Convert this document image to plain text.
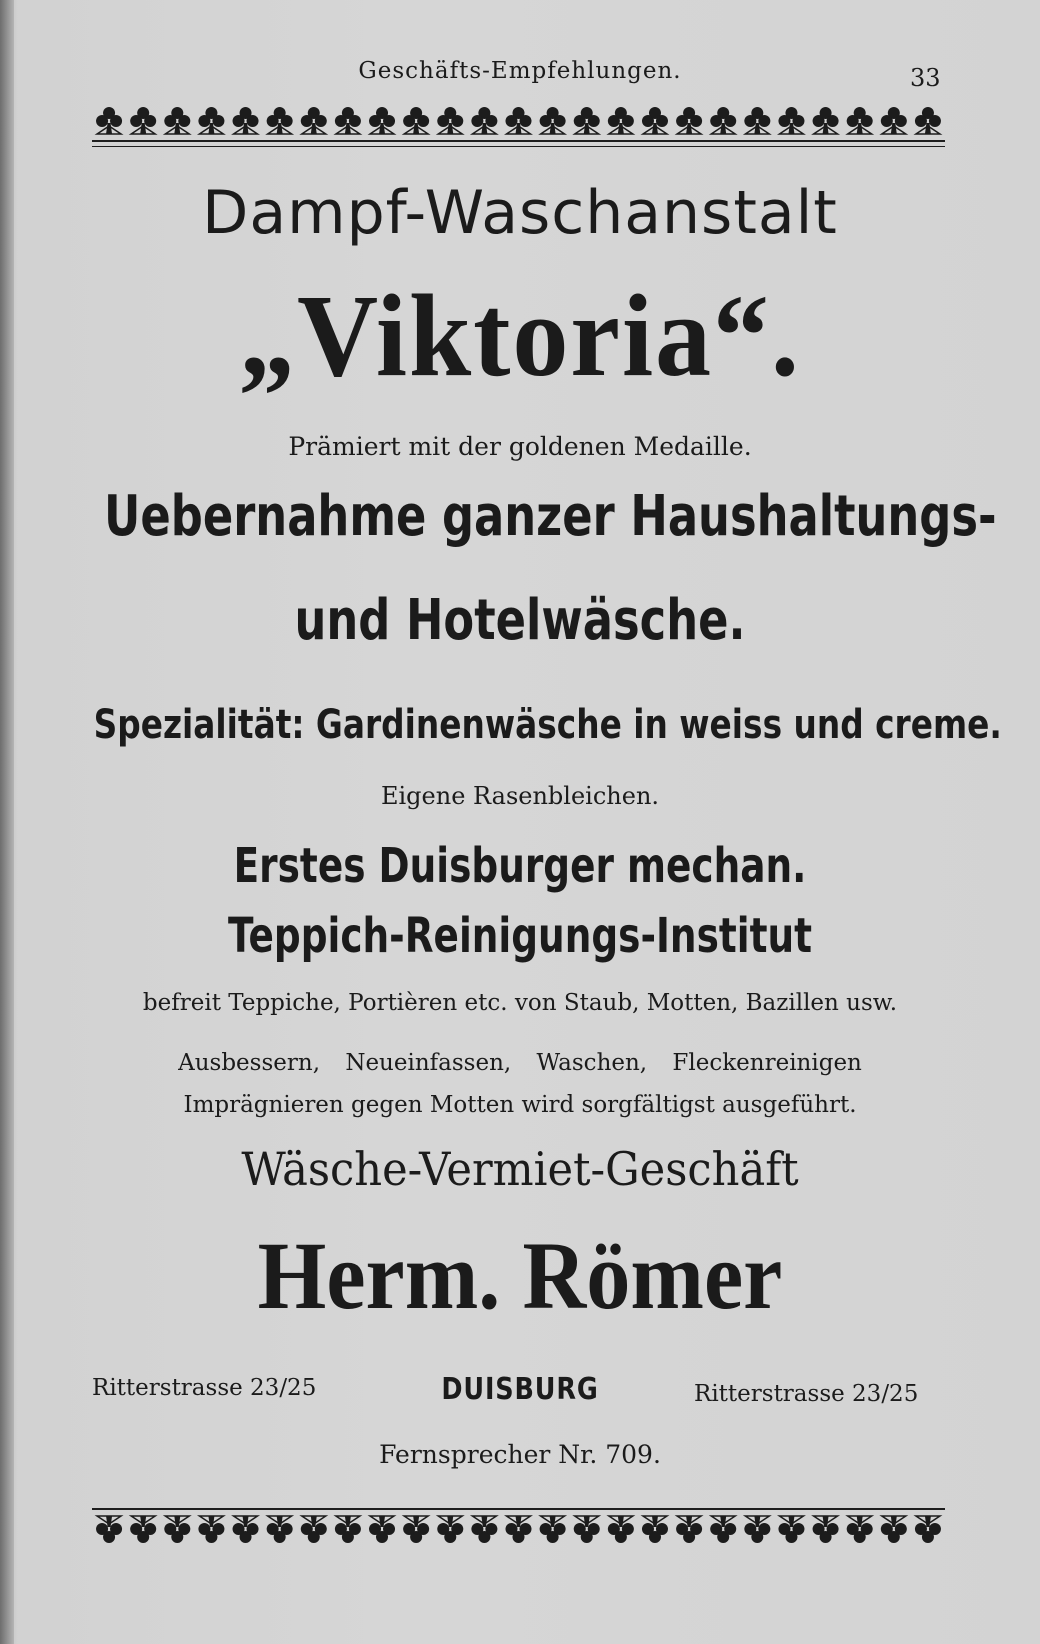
Geschäfts-Empfehlungen.	33
Dampf-Waschanstalt
„Viktoria“.
Prämiert mit der goldenen Medaille.
Uebernahme ganzer Haushaltungs-
und Hotelwäsche.
Spezialität: Gardinenwäsche in weiss und creme.
Eigene Rasenbleichen.
Erstes Duisburger mechan.
Teppich-Reinigungs-Institut
befreit Teppiche, Portièren etc. von Staub, Motten, Bazillen usw.
Ausbessern, Neueinfassen, Waschen, Fleckenreinigen
Imprägnieren gegen Motten wird sorgfältigst ausgeführt.
Wäsche-Vermiet-Geschäft
Herm. Römer
Ritterstrasse 23/25	DUISBURG	Ritterstrasse 23/25
Fernsprecher Nr. 709.
